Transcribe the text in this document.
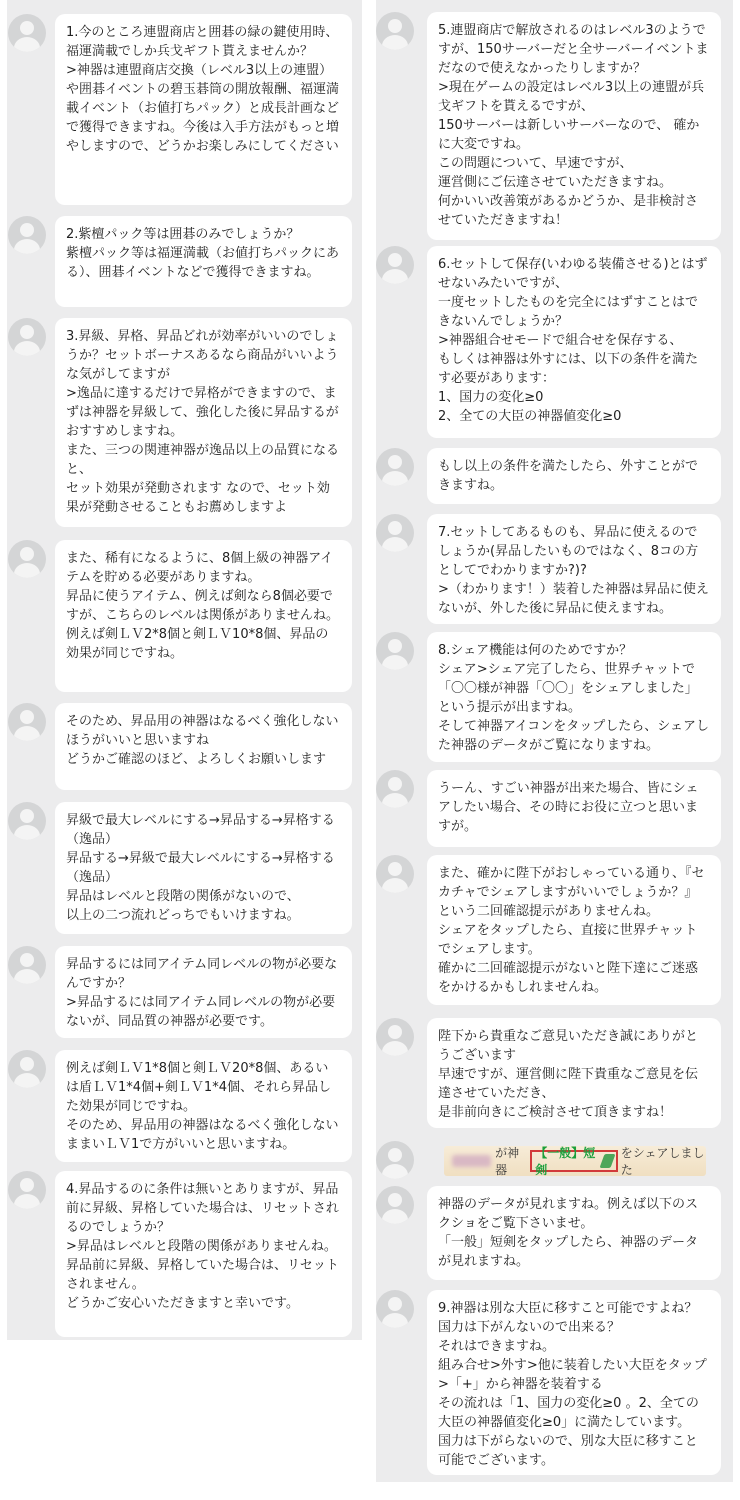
1.今のところ連盟商店と囲碁の緑の鍵使用時、福運満載でしか兵戈ギフト貰えませんか？
>神器は連盟商店交換（レベル3以上の連盟）や囲碁イベントの碧玉碁筒の開放報酬、福運満載イベント（お値打ちパック）と成長計画などで獲得できますね。今後は入手方法がもっと増やしますので、どうかお楽しみにしてください
2.紫檀パック等は囲碁のみでしょうか？
紫檀パック等は福運満載（お値打ちパックにある）、囲碁イベントなどで獲得できますね。
3.昇級、昇格、昇品どれが効率がいいのでしょうか？セットボーナスあるなら商品がいいような気がしてますが
>逸品に達するだけで昇格ができますので、まずは神器を昇級して、強化した後に昇品するがおすすめしますね。
また、三つの関連神器が逸品以上の品質になると、
セット効果が発動されます なので、セット効果が発動させることもお薦めしますよ
また、稀有になるように、8個上級の神器アイテムを貯める必要がありますね。
昇品に使うアイテム、例えば剣なら8個必要ですが、こちらのレベルは関係がありませんね。
例えば剣ＬＶ2*8個と剣ＬＶ10*8個、昇品の効果が同じですね。
そのため、昇品用の神器はなるべく強化しないほうがいいと思いますね
どうかご確認のほど、よろしくお願いします
昇級で最大レベルにする→昇品する→昇格する（逸品）
昇品する→昇級で最大レベルにする→昇格する（逸品）
昇品はレベルと段階の関係がないので、
以上の二つ流れどっちでもいけますね。
昇品するには同アイテム同レベルの物が必要なんですか？
>昇品するには同アイテム同レベルの物が必要ないが、同品質の神器が必要です。
例えば剣ＬＶ1*8個と剣ＬＶ20*8個、あるいは盾ＬＶ1*4個+剣ＬＶ1*4個、それら昇品した効果が同じですね。
そのため、昇品用の神器はなるべく強化しないままいＬＶ1で方がいいと思いますね。
4.昇品するのに条件は無いとありますが、昇品前に昇級、昇格していた場合は、リセットされるのでしょうか？
>昇品はレベルと段階の関係がありませんね。
昇品前に昇級、昇格していた場合は、リセットされません。
どうかご安心いただきますと幸いです。
5.連盟商店で解放されるのはレベル3のようですが、150サーバーだと全サーバーイベントまだなので使えなかったりしますか？
>現在ゲームの設定はレベル3以上の連盟が兵戈ギフトを貰えるですが、
150サーバーは新しいサーバーなので、 確かに大変ですね。
この問題について、早速ですが、
運営側にご伝達させていただきますね。
何かいい改善策があるかどうか、是非検討させていただきますね！
6.セットして保存(いわゆる装備させる)とはずせないみたいですが、
一度セットしたものを完全にはずすことはできないんでしょうか？
>神器組合せモードで組合せを保存する、
もしくは神器は外すには、以下の条件を満たす必要があります：
1、国力の変化≥0
2、全ての大臣の神器値変化≥0
もし以上の条件を満たしたら、外すことができますね。
7.セットしてあるものも、昇品に使えるのでしょうか(昇品したいものではなく、8コの方としてでわかりますか?)?
>（わかります！）装着した神器は昇品に使えないが、外した後に昇品に使えますね。
8.シェア機能は何のためですか？
シェア>シェア完了したら、世界チャットで「〇〇様が神器「〇〇」をシェアしました」という提示が出ますね。
そして神器アイコンをタップしたら、シェアした神器のデータがご覧になりますね。
うーん、すごい神器が出来た場合、皆にシェアしたい場合、その時にお役に立つと思いますが。
また、確かに陛下がおしゃっている通り、『セカチャでシェアしますがいいでしょうか？』という二回確認提示がありませんね。
シェアをタップしたら、直接に世界チャットでシェアします。
確かに二回確認提示がないと陛下達にご迷惑をかけるかもしれませんね。
陛下から貴重なご意見いただき誠にありがとうございます
早速ですが、運営側に陛下貴重なご意見を伝達させていただき、
是非前向きにご検討させて頂きますね！
が神器
【一般】短剣
をシェアしました
神器のデータが見れますね。例えば以下のスクショをご覧下さいませ。
「一般」短剣をタップしたら、神器のデータが見れますね。
9.神器は別な大臣に移すこと可能ですよね？
国力は下がんないので出来る？
それはできますね。
組み合せ>外す>他に装着したい大臣をタップ>「+」から神器を装着する
その流れは「1、国力の変化≥0 。2、全ての大臣の神器値変化≥0」に満たしています。
国力は下がらないので、別な大臣に移すこと可能でございます。
